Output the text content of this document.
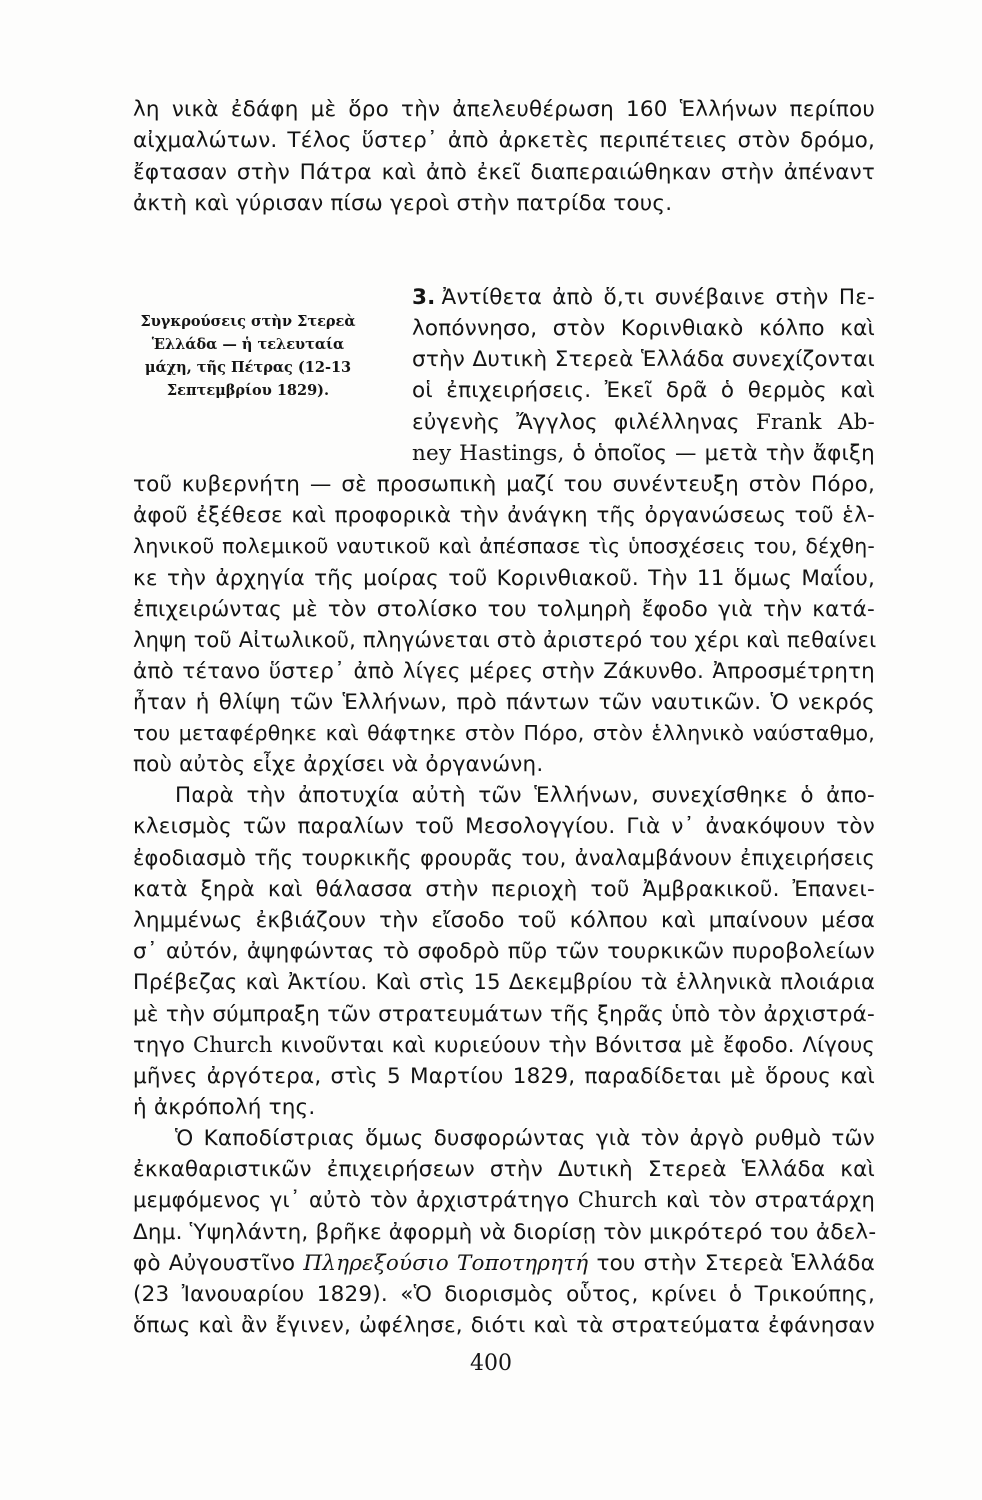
λη νικὰ ἐδάφη μὲ ὅρο τὴν ἀπελευθέρωση 160 Ἑλλήνων περίπου
αἰχμαλώτων. Τέλος ὕστερ᾽ ἀπὸ ἀρκετὲς περιπέτειες στὸν δρόμο,
ἔφτασαν στὴν Πάτρα καὶ ἀπὸ ἐκεῖ διαπεραιώθηκαν στὴν ἀπέναντ
ἀκτὴ καὶ γύρισαν πίσω γεροὶ στὴν πατρίδα τους.
Συγκρούσεις στὴν Στερεὰ
Ἑλλάδα — ἡ τελευταία
μάχη, τῆς Πέτρας (12-13
Σεπτεμβρίου 1829).
3. Ἀντίθετα ἀπὸ ὅ,τι συνέβαινε στὴν Πε-
λοπόννησο, στὸν Κορινθιακὸ κόλπο καὶ
στὴν Δυτικὴ Στερεὰ Ἑλλάδα συνεχίζονται
οἱ ἐπιχειρήσεις. Ἐκεῖ δρᾶ ὁ θερμὸς καὶ
εὐγενὴς Ἄγγλος φιλέλληνας Frank Ab-
ney Hastings, ὁ ὁποῖος — μετὰ τὴν ἄφιξη
τοῦ κυβερνήτη — σὲ προσωπικὴ μαζί του συνέντευξη στὸν Πόρο,
ἀφοῦ ἐξέθεσε καὶ προφορικὰ τὴν ἀνάγκη τῆς ὀργανώσεως τοῦ ἑλ-
ληνικοῦ πολεμικοῦ ναυτικοῦ καὶ ἀπέσπασε τὶς ὑποσχέσεις του, δέχθη-
κε τὴν ἀρχηγία τῆς μοίρας τοῦ Κορινθιακοῦ. Τὴν 11 ὅμως Μαΐου,
ἐπιχειρώντας μὲ τὸν στολίσκο του τολμηρὴ ἔφοδο γιὰ τὴν κατά-
ληψη τοῦ Αἰτωλικοῦ, πληγώνεται στὸ ἀριστερό του χέρι καὶ πεθαίνει
ἀπὸ τέτανο ὕστερ᾽ ἀπὸ λίγες μέρες στὴν Ζάκυνθο. Ἀπροσμέτρητη
ἦταν ἡ θλίψη τῶν Ἑλλήνων, πρὸ πάντων τῶν ναυτικῶν. Ὁ νεκρός
του μεταφέρθηκε καὶ θάφτηκε στὸν Πόρο, στὸν ἑλληνικὸ ναύσταθμο,
ποὺ αὐτὸς εἶχε ἀρχίσει νὰ ὀργανώνη.
Παρὰ τὴν ἀποτυχία αὐτὴ τῶν Ἑλλήνων, συνεχίσθηκε ὁ ἀπο-
κλεισμὸς τῶν παραλίων τοῦ Μεσολογγίου. Γιὰ ν᾽ ἀνακόψουν τὸν
ἐφοδιασμὸ τῆς τουρκικῆς φρουρᾶς του, ἀναλαμβάνουν ἐπιχειρήσεις
κατὰ ξηρὰ καὶ θάλασσα στὴν περιοχὴ τοῦ Ἀμβρακικοῦ. Ἐπανει-
λημμένως ἐκβιάζουν τὴν εἴσοδο τοῦ κόλπου καὶ μπαίνουν μέσα
σ᾽ αὐτόν, ἀψηφώντας τὸ σφοδρὸ πῦρ τῶν τουρκικῶν πυροβολείων
Πρέβεζας καὶ Ἀκτίου. Καὶ στὶς 15 Δεκεμβρίου τὰ ἑλληνικὰ πλοιάρια
μὲ τὴν σύμπραξη τῶν στρατευμάτων τῆς ξηρᾶς ὑπὸ τὸν ἀρχιστρά-
τηγο Church κινοῦνται καὶ κυριεύουν τὴν Βόνιτσα μὲ ἔφοδο. Λίγους
μῆνες ἀργότερα, στὶς 5 Μαρτίου 1829, παραδίδεται μὲ ὅρους καὶ
ἡ ἀκρόπολή της.
Ὁ Καποδίστριας ὅμως δυσφορώντας γιὰ τὸν ἀργὸ ρυθμὸ τῶν
ἐκκαθαριστικῶν ἐπιχειρήσεων στὴν Δυτικὴ Στερεὰ Ἑλλάδα καὶ
μεμφόμενος γι᾽ αὐτὸ τὸν ἀρχιστράτηγο Church καὶ τὸν στρατάρχη
Δημ. Ὑψηλάντη, βρῆκε ἀφορμὴ νὰ διορίσῃ τὸν μικρότερό του ἀδελ-
φὸ Αὐγουστῖνο Πληρεξούσιο Τοποτηρητή του στὴν Στερεὰ Ἑλλάδα
(23 Ἰανουαρίου 1829). «Ὁ διορισμὸς οὗτος, κρίνει ὁ Τρικούπης,
ὅπως καὶ ἂν ἔγινεν, ὠφέλησε, διότι καὶ τὰ στρατεύματα ἐφάνησαν
400
